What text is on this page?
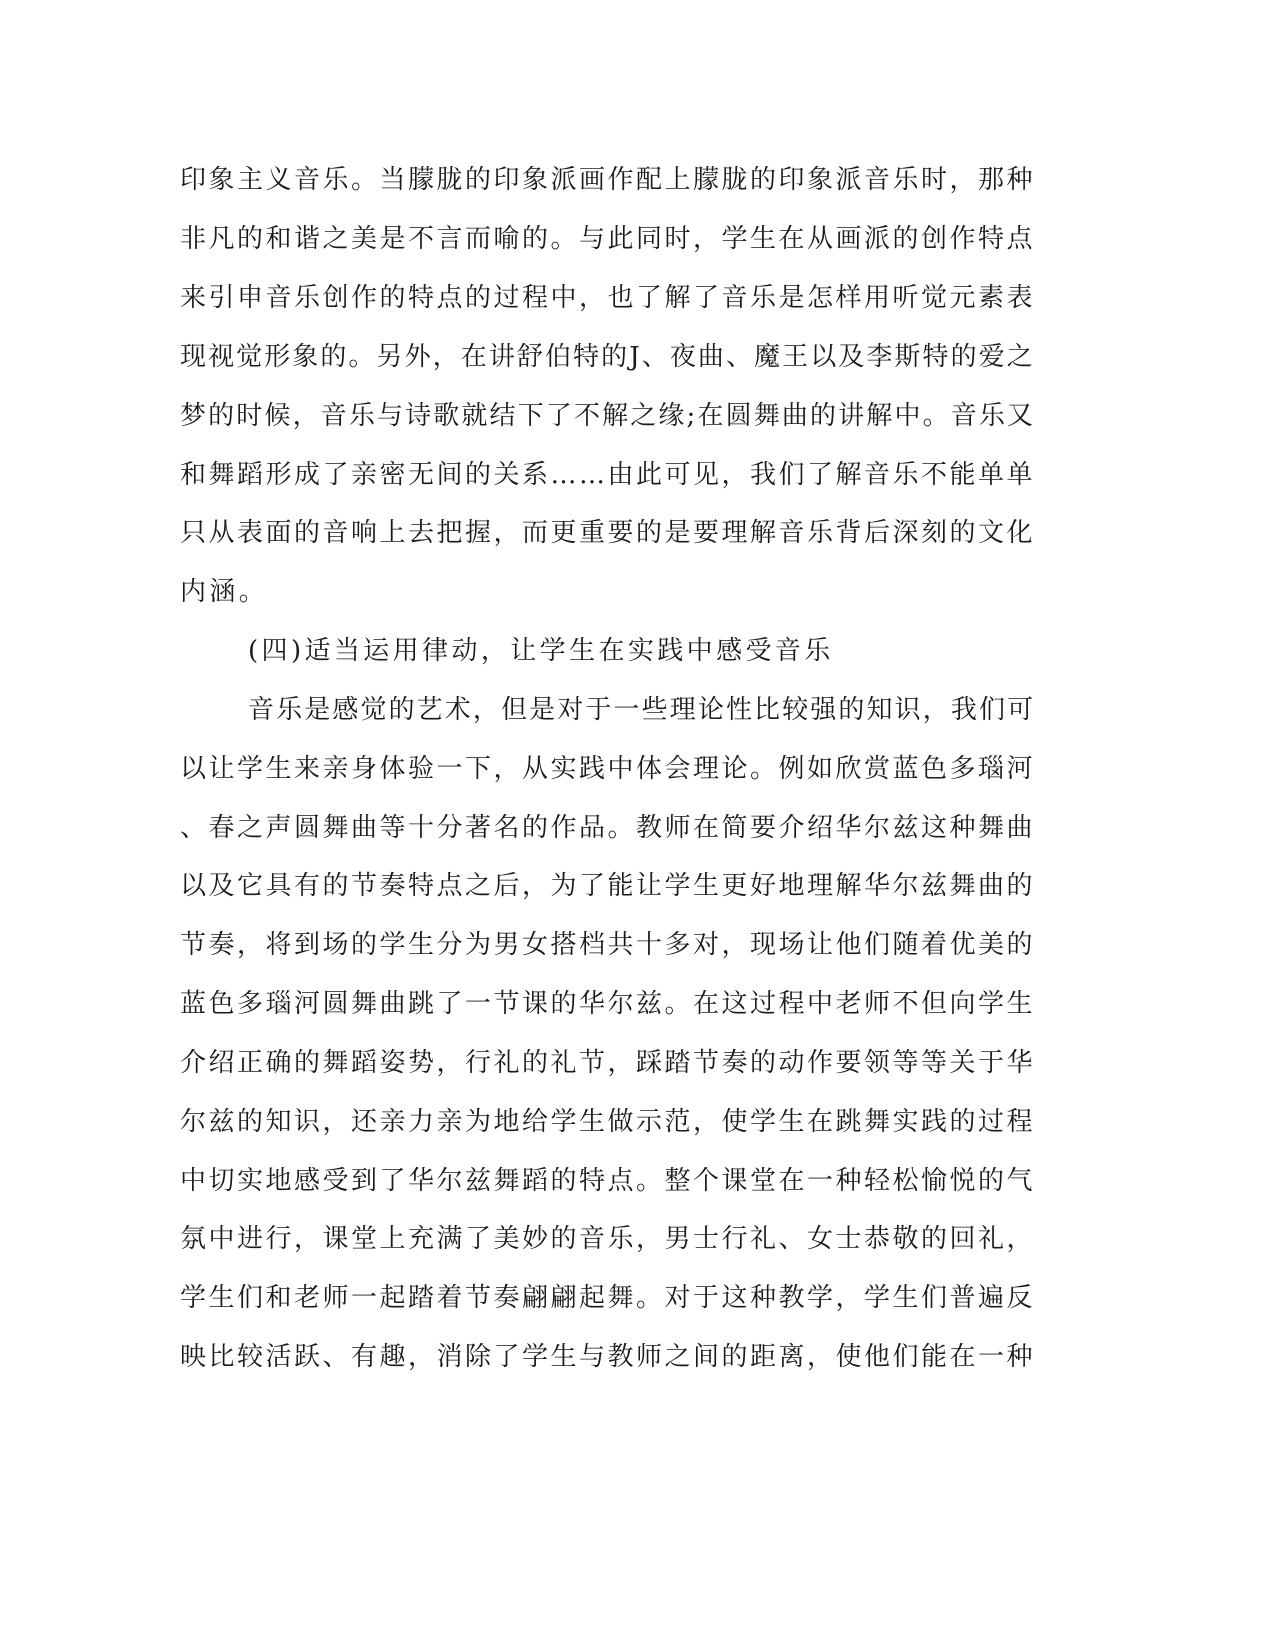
印象主义音乐。当朦胧的印象派画作配上朦胧的印象派音乐时，那种
非凡的和谐之美是不言而喻的。与此同时，学生在从画派的创作特点
来引申音乐创作的特点的过程中，也了解了音乐是怎样用听觉元素表
现视觉形象的。另外，在讲舒伯特的J、夜曲、魔王以及李斯特的爱之
梦的时候，音乐与诗歌就结下了不解之缘;在圆舞曲的讲解中。音乐又
和舞蹈形成了亲密无间的关系……由此可见，我们了解音乐不能单单
只从表面的音响上去把握，而更重要的是要理解音乐背后深刻的文化
内涵。
(四)适当运用律动，让学生在实践中感受音乐
音乐是感觉的艺术，但是对于一些理论性比较强的知识，我们可
以让学生来亲身体验一下，从实践中体会理论。例如欣赏蓝色多瑙河
、春之声圆舞曲等十分著名的作品。教师在简要介绍华尔兹这种舞曲
以及它具有的节奏特点之后，为了能让学生更好地理解华尔兹舞曲的
节奏，将到场的学生分为男女搭档共十多对，现场让他们随着优美的
蓝色多瑙河圆舞曲跳了一节课的华尔兹。在这过程中老师不但向学生
介绍正确的舞蹈姿势，行礼的礼节，踩踏节奏的动作要领等等关于华
尔兹的知识，还亲力亲为地给学生做示范，使学生在跳舞实践的过程
中切实地感受到了华尔兹舞蹈的特点。整个课堂在一种轻松愉悦的气
氛中进行，课堂上充满了美妙的音乐，男士行礼、女士恭敬的回礼，
学生们和老师一起踏着节奏翩翩起舞。对于这种教学，学生们普遍反
映比较活跃、有趣，消除了学生与教师之间的距离，使他们能在一种
